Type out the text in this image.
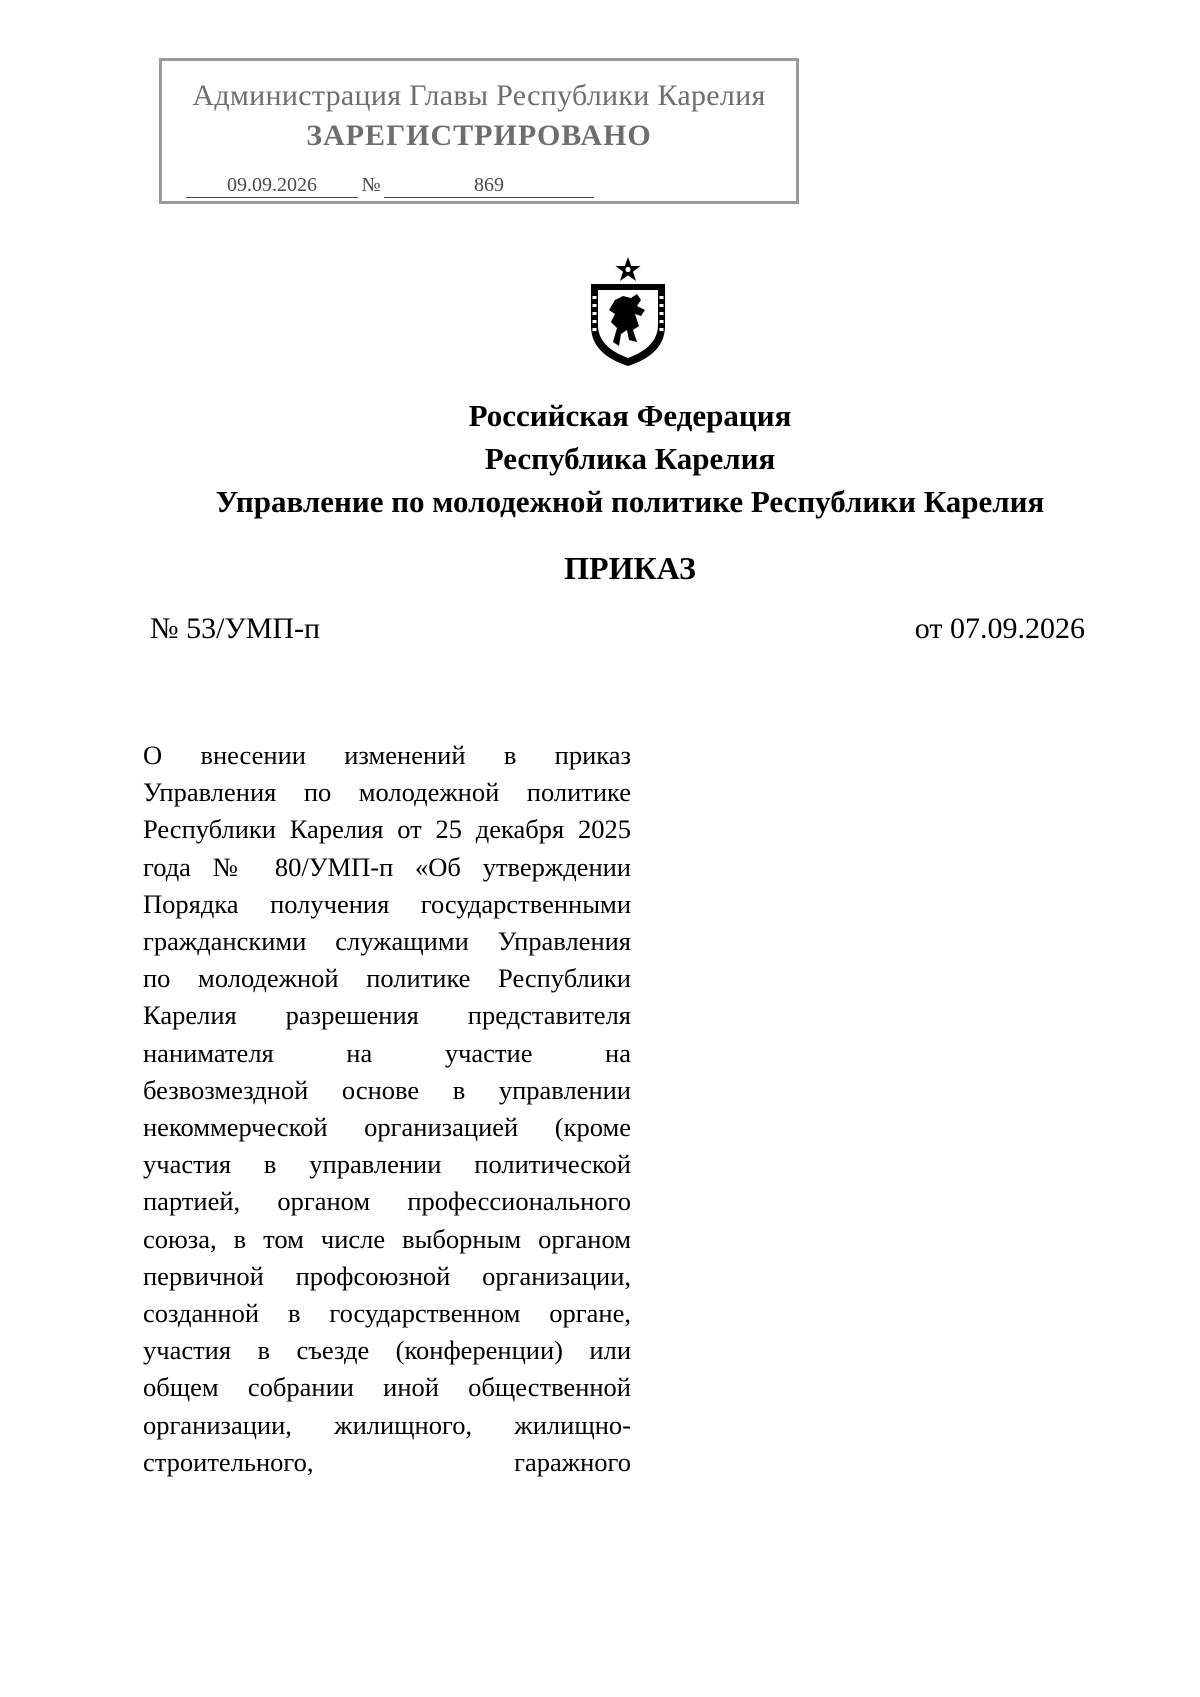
Администрация Главы Республики Карелия
ЗАРЕГИСТРИРОВАНО
09.09.2026	№	869
Российская Федерация
Республика Карелия
Управление по молодежной политике Республики Карелия
ПРИКАЗ
№ 53/УМП-п	от 07.09.2026
О внесении изменений в приказ
Управления по молодежной политике
Республики Карелия от 25 декабря 2025
года № 80/УМП-п «Об утверждении
Порядка получения государственными
гражданскими служащими Управления
по молодежной политике Республики
Карелия разрешения представителя
нанимателя на участие на
безвозмездной основе в управлении
некоммерческой организацией (кроме
участия в управлении политической
партией, органом профессионального
союза, в том числе выборным органом
первичной профсоюзной организации,
созданной в государственном органе,
участия в съезде (конференции) или
общем собрании иной общественной
организации, жилищного, жилищно-
строительного, гаражного
